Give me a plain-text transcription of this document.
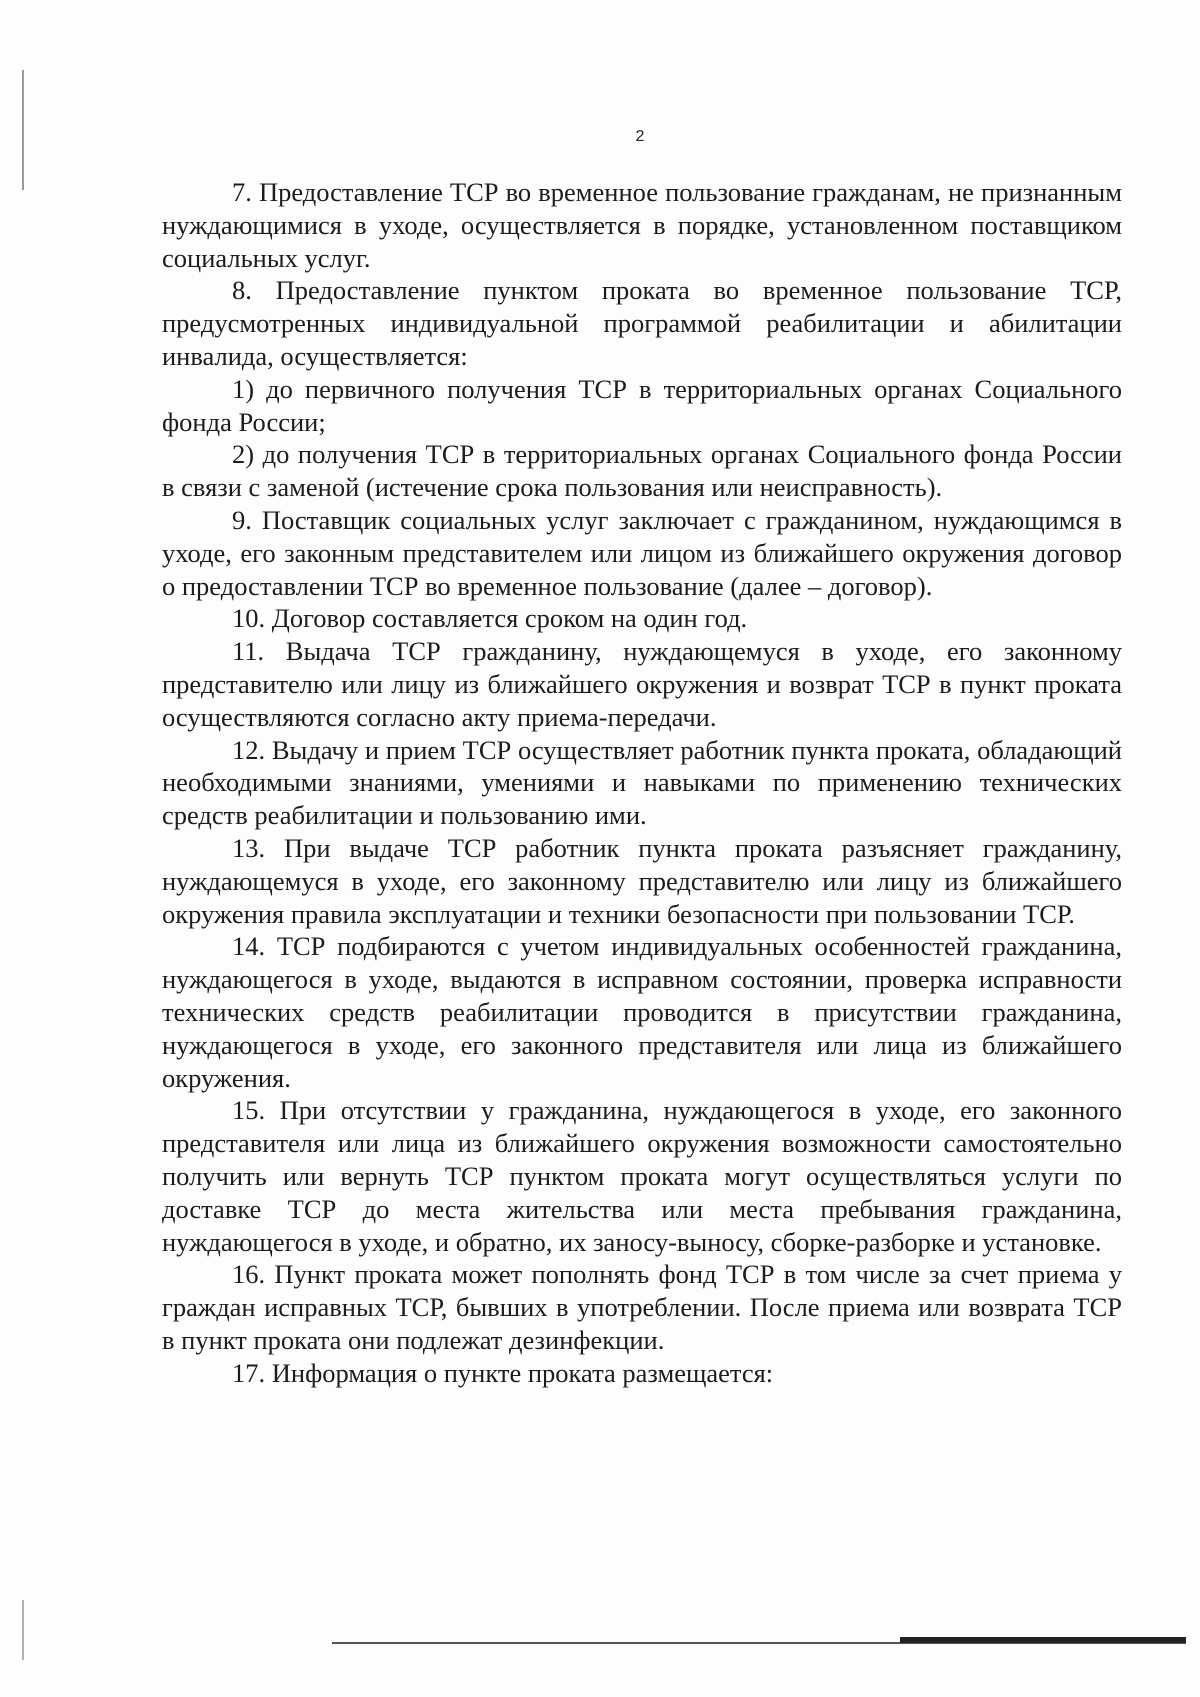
2

7. Предоставление ТСР во временное пользование гражданам, не признанным нуждающимися в уходе, осуществляется в порядке, установленном поставщиком социальных услуг.

8. Предоставление пунктом проката во временное пользование ТСР, предусмотренных индивидуальной программой реабилитации и абилитации инвалида, осуществляется:

1) до первичного получения ТСР в территориальных органах Социального фонда России;

2) до получения ТСР в территориальных органах Социального фонда России в связи с заменой (истечение срока пользования или неисправность).

9. Поставщик социальных услуг заключает с гражданином, нуждающимся в уходе, его законным представителем или лицом из ближайшего окружения договор о предоставлении ТСР во временное пользование (далее – договор).

10. Договор составляется сроком на один год.

11. Выдача ТСР гражданину, нуждающемуся в уходе, его законному представителю или лицу из ближайшего окружения и возврат ТСР в пункт проката осуществляются согласно акту приема-передачи.

12. Выдачу и прием ТСР осуществляет работник пункта проката, обладающий необходимыми знаниями, умениями и навыками по применению технических средств реабилитации и пользованию ими.

13. При выдаче ТСР работник пункта проката разъясняет гражданину, нуждающемуся в уходе, его законному представителю или лицу из ближайшего окружения правила эксплуатации и техники безопасности при пользовании ТСР.

14. ТСР подбираются с учетом индивидуальных особенностей гражданина, нуждающегося в уходе, выдаются в исправном состоянии, проверка исправности технических средств реабилитации проводится в присутствии гражданина, нуждающегося в уходе, его законного представителя или лица из ближайшего окружения.

15. При отсутствии у гражданина, нуждающегося в уходе, его законного представителя или лица из ближайшего окружения возможности самостоятельно получить или вернуть ТСР пунктом проката могут осуществляться услуги по доставке ТСР до места жительства или места пребывания гражданина, нуждающегося в уходе, и обратно, их заносу-выносу, сборке-разборке и установке.

16. Пункт проката может пополнять фонд ТСР в том числе за счет приема у граждан исправных ТСР, бывших в употреблении. После приема или возврата ТСР в пункт проката они подлежат дезинфекции.

17. Информация о пункте проката размещается:
